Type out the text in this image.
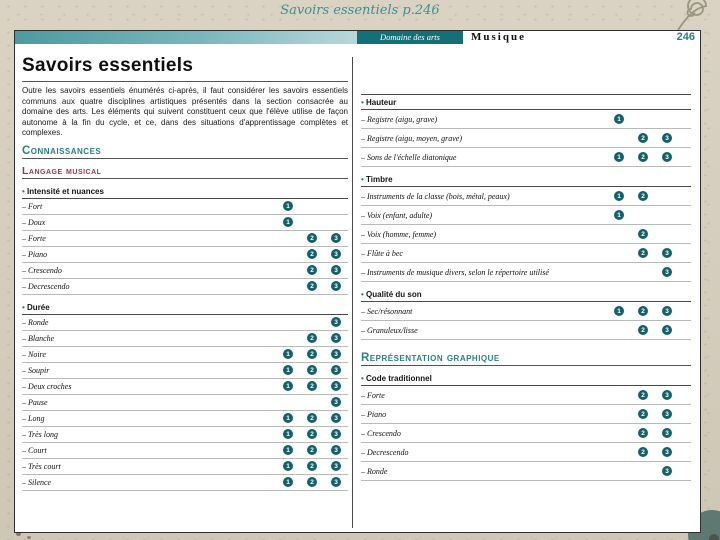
Savoirs essentiels p.246
Domaine des arts	Musique	246
Savoirs essentiels

Outre les savoirs essentiels énumérés ci-après, il faut considérer les savoirs essentiels communs aux quatre disciplines artistiques présentés dans la section consacrée au domaine des arts. Les éléments qui suivent constituent ceux que l'élève utilise de façon autonome à la fin du cycle, et ce, dans des situations d'apprentissage complètes et complexes.

Connaissances
Langage musical
• Intensité et nuances
– Fort	1
– Doux	1
– Forte	2	3
– Piano	2	3
– Crescendo	2	3
– Decrescendo	2	3
• Durée
– Ronde	3
– Blanche	2	3
– Noire	1	2	3
– Soupir	1	2	3
– Deux croches	1	2	3
– Pause	3
– Long	1	2	3
– Très long	1	2	3
– Court	1	2	3
– Très court	1	2	3
– Silence	1	2	3
• Hauteur
– Registre (aigu, grave)	1
– Registre (aigu, moyen, grave)	2	3
– Sons de l'échelle diatonique	1	2	3
• Timbre
– Instruments de la classe (bois, métal, peaux)	1	2
– Voix (enfant, adulte)	1
– Voix (homme, femme)	2
– Flûte à bec	2	3
– Instruments de musique divers, selon le répertoire utilisé	3
• Qualité du son
– Sec/résonnant	1	2	3
– Granuleux/lisse	2	3
Représentation graphique
• Code traditionnel
– Forte	2	3
– Piano	2	3
– Crescendo	2	3
– Decrescendo	2	3
– Ronde	3
